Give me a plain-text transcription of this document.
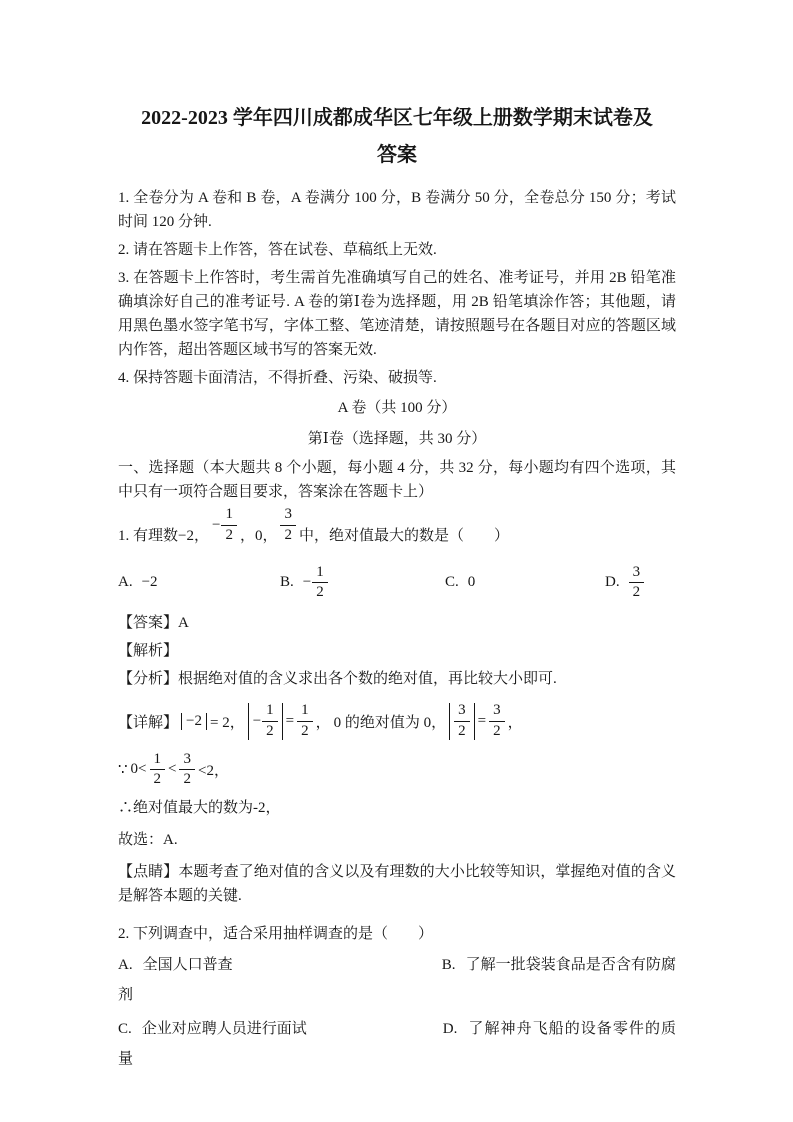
2022-2023 学年四川成都成华区七年级上册数学期末试卷及
答案

1. 全卷分为 A 卷和 B 卷，A 卷满分 100 分，B 卷满分 50 分，全卷总分 150 分；考试时间 120 分钟.

2. 请在答题卡上作答，答在试卷、草稿纸上无效.

3. 在答题卡上作答时，考生需首先准确填写自己的姓名、准考证号，并用 2B 铅笔准确填涂好自己的准考证号. A 卷的第Ⅰ卷为选择题，用 2B 铅笔填涂作答；其他题，请用黑色墨水签字笔书写，字体工整、笔迹清楚，请按照题号在各题目对应的答题区域内作答，超出答题区域书写的答案无效.

4. 保持答题卡面清洁，不得折叠、污染、破损等.

A 卷（共 100 分）

第Ⅰ卷（选择题，共 30 分）

一、选择题（本大题共 8 个小题，每小题 4 分，共 32 分，每小题均有四个选项，其中只有一项符合题目要求，答案涂在答题卡上）

1. 有理数−2，
− $\frac{1}{2}$ ，0， $\frac{3}{2}$ 中，绝对值最大的数是（　　）
A. −2	B. − $\frac{1}{2}$	C. 0	D. $\frac{3}{2}$

【答案】A

【解析】

【分析】根据绝对值的含义求出各个数的绝对值，再比较大小即可.

【详解】 −2 = 2， − $\frac{1}{2} = \frac{1}{2}$ ， 0 的绝对值为 0， $\frac{3}{2} = \frac{3}{2}$ ，
∵ $0< \frac{1}{2} < \frac{3}{2} <2$，

∴绝对值最大的数为-2，

故选：A.

【点睛】本题考查了绝对值的含义以及有理数的大小比较等知识，掌握绝对值的含义是解答本题的关键.

2. 下列调查中，适合采用抽样调查的是（　　）

A. 全国人口普查	B. 了解一批袋装食品是否含有防腐剂

C. 企业对应聘人员进行面试	D. 了解神舟飞船的设备零件的质量
